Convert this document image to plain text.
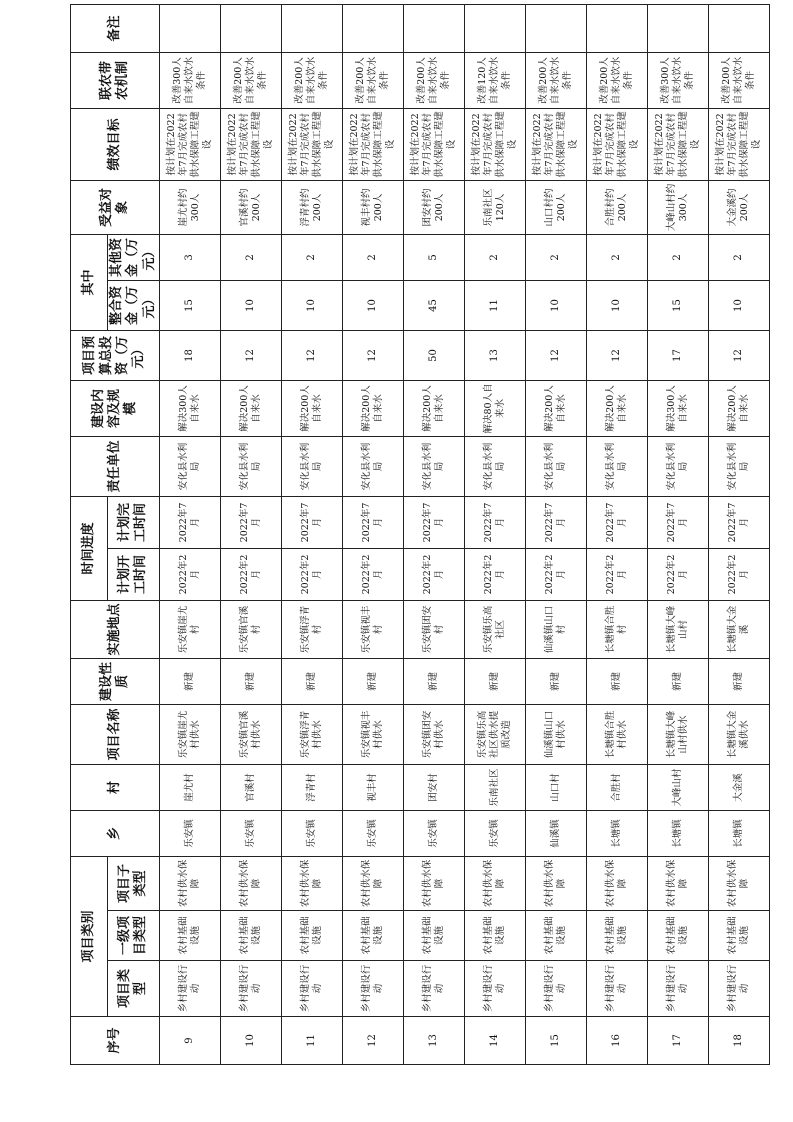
序号	项目类别			乡	村	项目名称	建设性质	实施地点	时间进度		责任单位	建设内容及规模	项目预算总投资（万元）	其中		受益对象	绩效目标	联农带农机制	备注
	项目类型	一级项目类型	项目子类型						计划开工时间	计划完工时间				整合资金（万元）	其他资金（万元）				
9	乡村建设行动	农村基础设施	农村供水保障	乐安镇	崖尤村	乐安镇崖尤村供水	新建	乐安镇崖尤村	2022年2月	2022年7月	安化县水利局	解决300人自来水	18	15	3	崖尤村约300人	按计划在2022年7月完成农村供水保障工程建设	改善300人自来水饮水条件	
10	乡村建设行动	农村基础设施	农村供水保障	乐安镇	官溪村	乐安镇官溪村供水	新建	乐安镇官溪村	2022年2月	2022年7月	安化县水利局	解决200人自来水	12	10	2	官溪村约200人	按计划在2022年7月完成农村供水保障工程建设	改善200人自来水饮水条件	
11	乡村建设行动	农村基础设施	农村供水保障	乐安镇	浮青村	乐安镇浮青村供水	新建	乐安镇浮青村	2022年2月	2022年7月	安化县水利局	解决200人自来水	12	10	2	浮青村约200人	按计划在2022年7月完成农村供水保障工程建设	改善200人自来水饮水条件	
12	乡村建设行动	农村基础设施	农村供水保障	乐安镇	视丰村	乐安镇视丰村供水	新建	乐安镇视丰村	2022年2月	2022年7月	安化县水利局	解决200人自来水	12	10	2	视丰村约200人	按计划在2022年7月完成农村供水保障工程建设	改善200人自来水饮水条件	
13	乡村建设行动	农村基础设施	农村供水保障	乐安镇	团安村	乐安镇团安村供水	新建	乐安镇团安村	2022年2月	2022年7月	安化县水利局	解决200人自来水	50	45	5	团安村约200人	按计划在2022年7月完成农村供水保障工程建设	改善200人自来水饮水条件	
14	乡村建设行动	农村基础设施	农村供水保障	乐安镇	乐南社区	乐安镇乐高社区供水提质改造	新建	乐安镇乐高社区	2022年2月	2022年7月	安化县水利局	解决80人自来水	13	11	2	乐南社区120人	按计划在2022年7月完成农村供水保障工程建设	改善120人自来水饮水条件	
15	乡村建设行动	农村基础设施	农村供水保障	仙溪镇	山口村	仙溪镇山口村供水	新建	仙溪镇山口村	2022年2月	2022年7月	安化县水利局	解决200人自来水	12	10	2	山口村约200人	按计划在2022年7月完成农村供水保障工程建设	改善200人自来水饮水条件	
16	乡村建设行动	农村基础设施	农村供水保障	长塘镇	合胜村	长塘镇合胜村供水	新建	长塘镇合胜村	2022年2月	2022年7月	安化县水利局	解决200人自来水	12	10	2	合胜村约200人	按计划在2022年7月完成农村供水保障工程建设	改善200人自来水饮水条件	
17	乡村建设行动	农村基础设施	农村供水保障	长塘镇	大峰山村	长塘镇大峰山村供水	新建	长塘镇大峰山村	2022年2月	2022年7月	安化县水利局	解决300人自来水	17	15	2	大峰山村约300人	按计划在2022年7月完成农村供水保障工程建设	改善300人自来水饮水条件	
18	乡村建设行动	农村基础设施	农村供水保障	长塘镇	大金溪	长塘镇大金溪供水	新建	长塘镇大金溪	2022年2月	2022年7月	安化县水利局	解决200人自来水	12	10	2	大金溪约200人	按计划在2022年7月完成农村供水保障工程建设	改善200人自来水饮水条件	
